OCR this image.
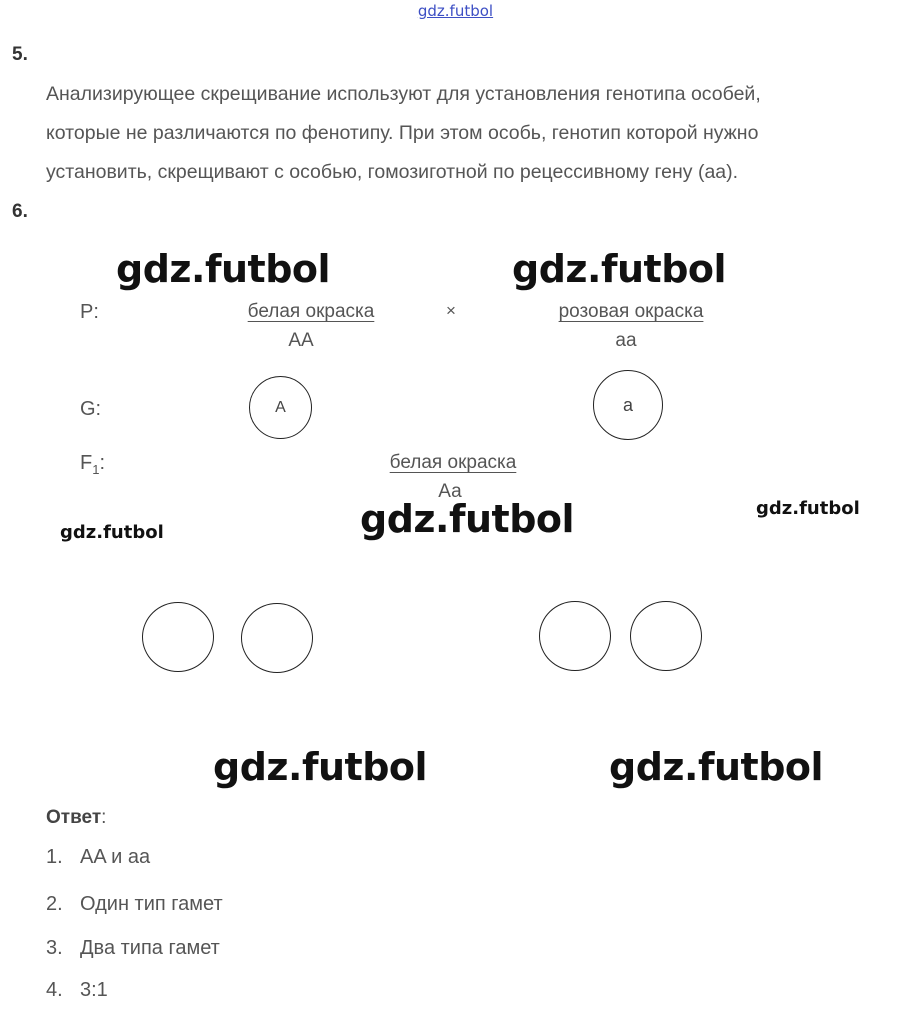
gdz.futbol
5.
Анализирующее скрещивание используют для установления генотипа особей,
которые не различаются по фенотипу. При этом особь, генотип которой нужно
установить, скрещивают с особью, гомозиготной по рецессивному гену (аа).
6.
gdz.futbol	gdz.futbol
P:	белая окраска
AA
×	розовая окраска
аа
G:	A	a
$F_1$:	белая окраска
Аа
gdz.futbol
gdz.futbol
gdz.futbol
gdz.futbol	gdz.futbol
Ответ:
1. AA и аа
2. Один тип гамет
3. Два типа гамет
4. 3:1
